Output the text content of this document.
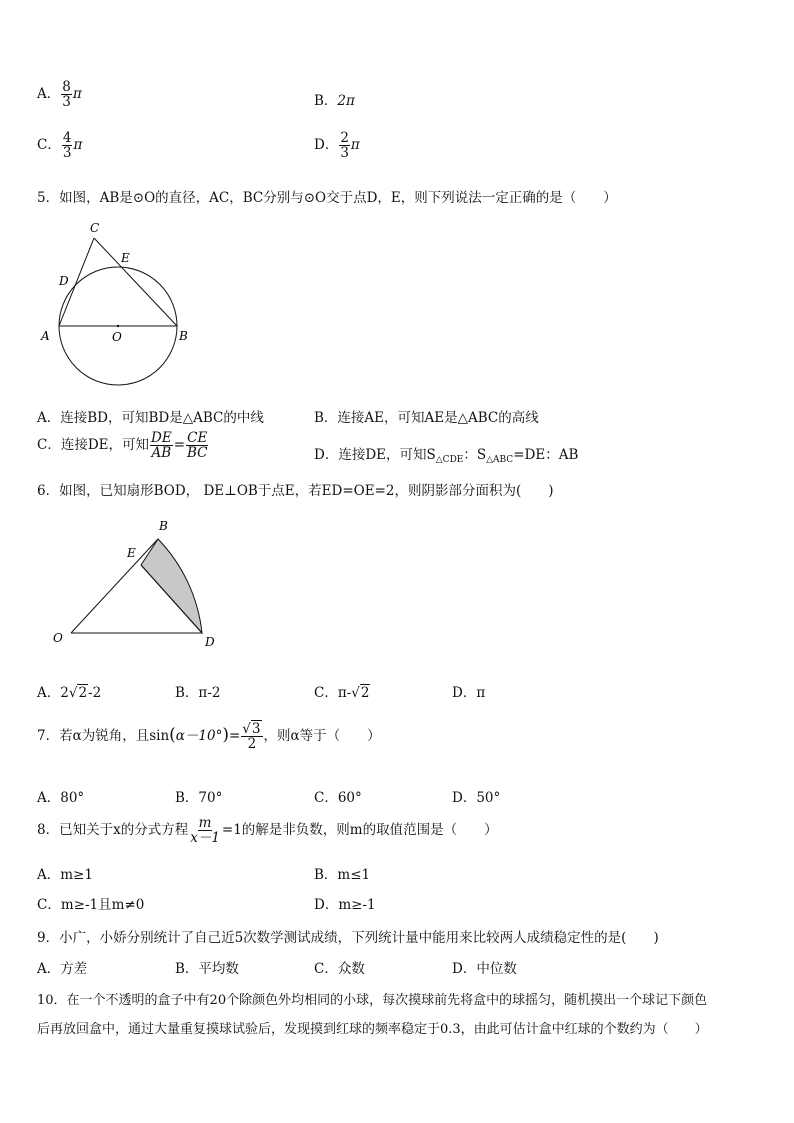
A． $\frac{8}{3}$ π	B．2π
C． $\frac{4}{3}$ π	D． $\frac{2}{3}$ π
5．如图，AB是⊙O的直径，AC，BC分别与⊙O交于点D，E，则下列说法一定正确的是（　　）
C
E
D
A	O	B
A．连接BD，可知BD是△ABC的中线	B．连接AE，可知AE是△ABC的高线
C．连接DE，可知 $\frac{DE}{AB} = \frac{CE}{BC}$	D．连接DE，可知$S_{\triangle CDE}$：$S_{\triangle ABC}=DE$：AB
6．如图，已知扇形BOD， DE⊥OB于点E，若ED=OE=2，则阴影部分面积为(　　)
B
E
O	D
A．2√2-2	B．π-2	C．π-√2	D．π
7．若α为锐角，且$\sin(\alpha-10^\circ)= \frac{√3}{2}$ ，则α等于（　　）
A．80°	B．70°	C．60°	D．50°
8．已知关于x的分式方程 $\frac{m}{x-1} =1$的解是非负数，则m的取值范围是（　　）
A．m≥1	B．m≤1
C．m≥-1且m≠0	D．m≥-1
9．小广，小娇分别统计了自己近5次数学测试成绩，下列统计量中能用来比较两人成绩稳定性的是(　　)
A．方差	B．平均数	C．众数	D．中位数
10．在一个不透明的盒子中有20个除颜色外均相同的小球，每次摸球前先将盒中的球摇匀，随机摸出一个球记下颜色
后再放回盒中，通过大量重复摸球试验后，发现摸到红球的频率稳定于0.3，由此可估计盒中红球的个数约为（　　）
